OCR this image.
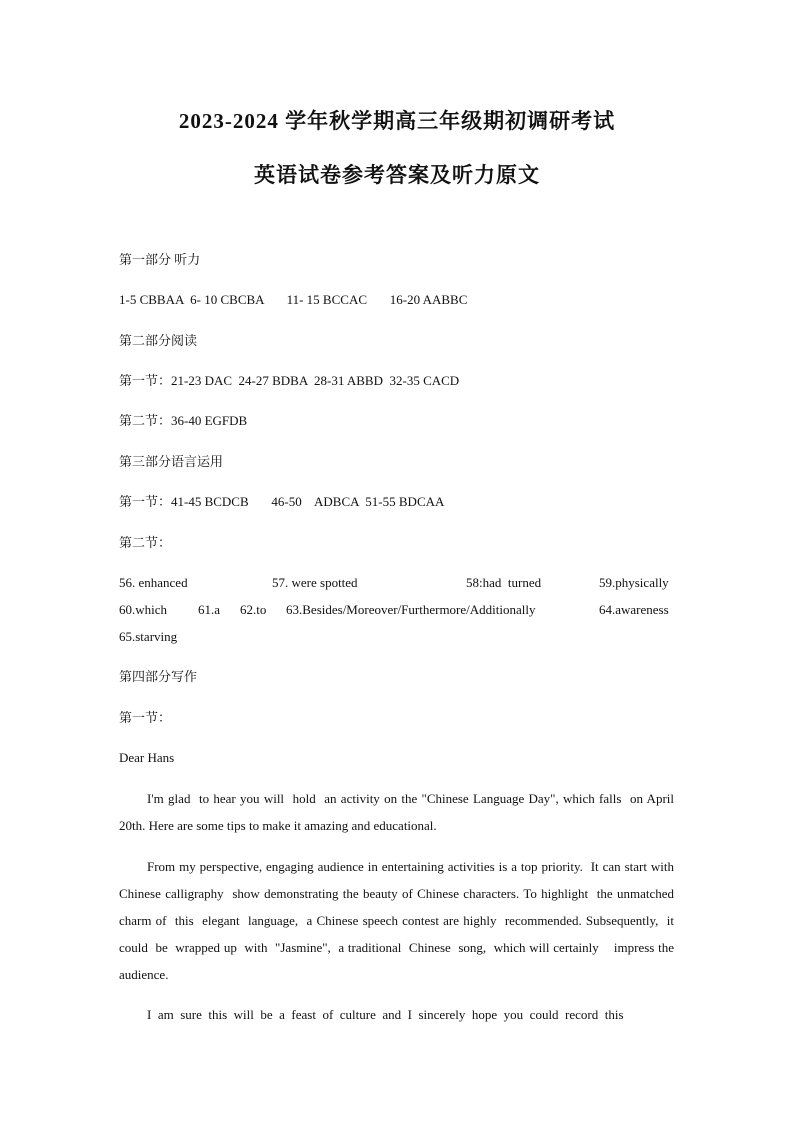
2023-2024 学年秋学期高三年级期初调研考试
英语试卷参考答案及听力原文
第一部分 听力
1-5 CBBAA  6- 10 CBCBA       11- 15 BCCAC       16-20 AABBC
第二部分阅读
第一节：21-23 DAC  24-27 BDBA  28-31 ABBD  32-35 CACD
第二节：36-40 EGFDB
第三部分语言运用
第一节：41-45 BCDCB       46-50    ADBCA  51-55 BDCAA
第二节：
56. enhanced	57. were spotted	58:had  turned	59.physically
60.which 61.a 62.to 63.Besides/Moreover/Furthermore/Additionally	64.awareness
65.starving
第四部分写作
第一节：
Dear Hans
I'm glad  to hear you will  hold  an activity on the "Chinese Language Day", which falls  on April  20th. Here are some tips to make it amazing and educational.
From my perspective, engaging audience in entertaining activities is a top priority.  It can start with Chinese calligraphy  show demonstrating the beauty of Chinese characters. To highlight  the unmatched charm of  this  elegant  language,  a Chinese speech contest are highly  recommended. Subsequently,  it  could  be  wrapped up  with  "Jasmine",  a traditional  Chinese  song,  which will certainly    impress the audience.
I  am  sure  this  will  be  a  feast  of  culture  and  I  sincerely  hope  you  could  record  this
